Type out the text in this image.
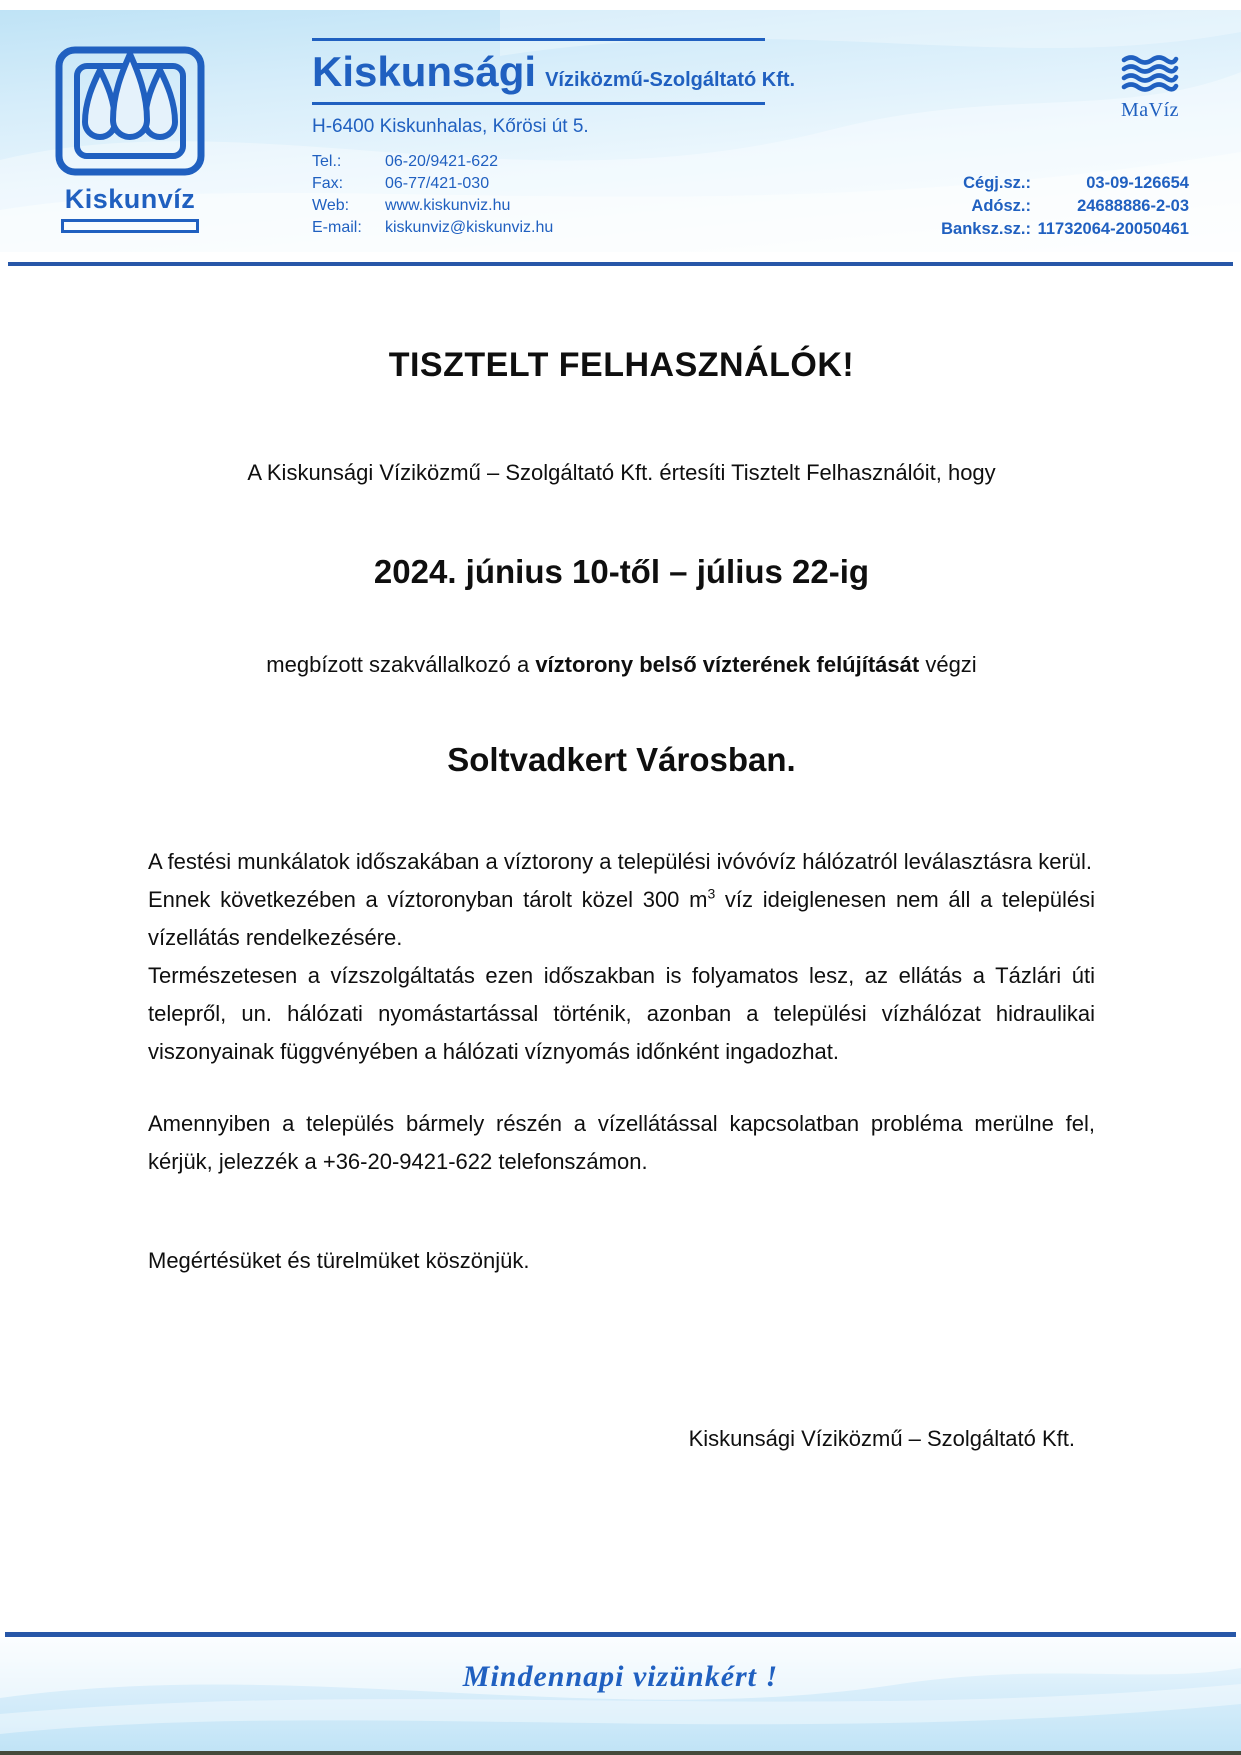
Kiskunvíz
Kiskunsági Víziközmű-Szolgáltató Kft.
H-6400 Kiskunhalas, Kőrösi út 5.
Tel.:	06-20/9421-622
Fax:	06-77/421-030
Web:	www.kiskunviz.hu
E-mail:	kiskunviz@kiskunviz.hu
MaVíz
Cégj.sz.:	03-09-126654
Adósz.:	24688886-2-03
Banksz.sz.: 11732064-20050461
TISZTELT FELHASZNÁLÓK!

A Kiskunsági Víziközmű – Szolgáltató Kft. értesíti Tisztelt Felhasználóit, hogy

2024. június 10-től – július 22-ig

megbízott szakvállalkozó a víztorony belső vízterének felújítását végzi

Soltvadkert Városban.

A festési munkálatok időszakában a víztorony a települési ivóvóvíz hálózatról leválasztásra kerül.

Ennek következében a víztoronyban tárolt közel 300 $m^3$ víz ideiglenesen nem áll a települési vízellátás rendelkezésére.

Természetesen a vízszolgáltatás ezen időszakban is folyamatos lesz, az ellátás a Tázlári úti telepről, un. hálózati nyomástartással történik, azonban a települési vízhálózat hidraulikai viszonyainak függvényében a hálózati víznyomás időnként ingadozhat.

Amennyiben a település bármely részén a vízellátással kapcsolatban probléma merülne fel, kérjük, jelezzék a +36-20-9421-622 telefonszámon.

Megértésüket és türelmüket köszönjük.

Kiskunsági Víziközmű – Szolgáltató Kft.

Mindennapi vizünkért !
